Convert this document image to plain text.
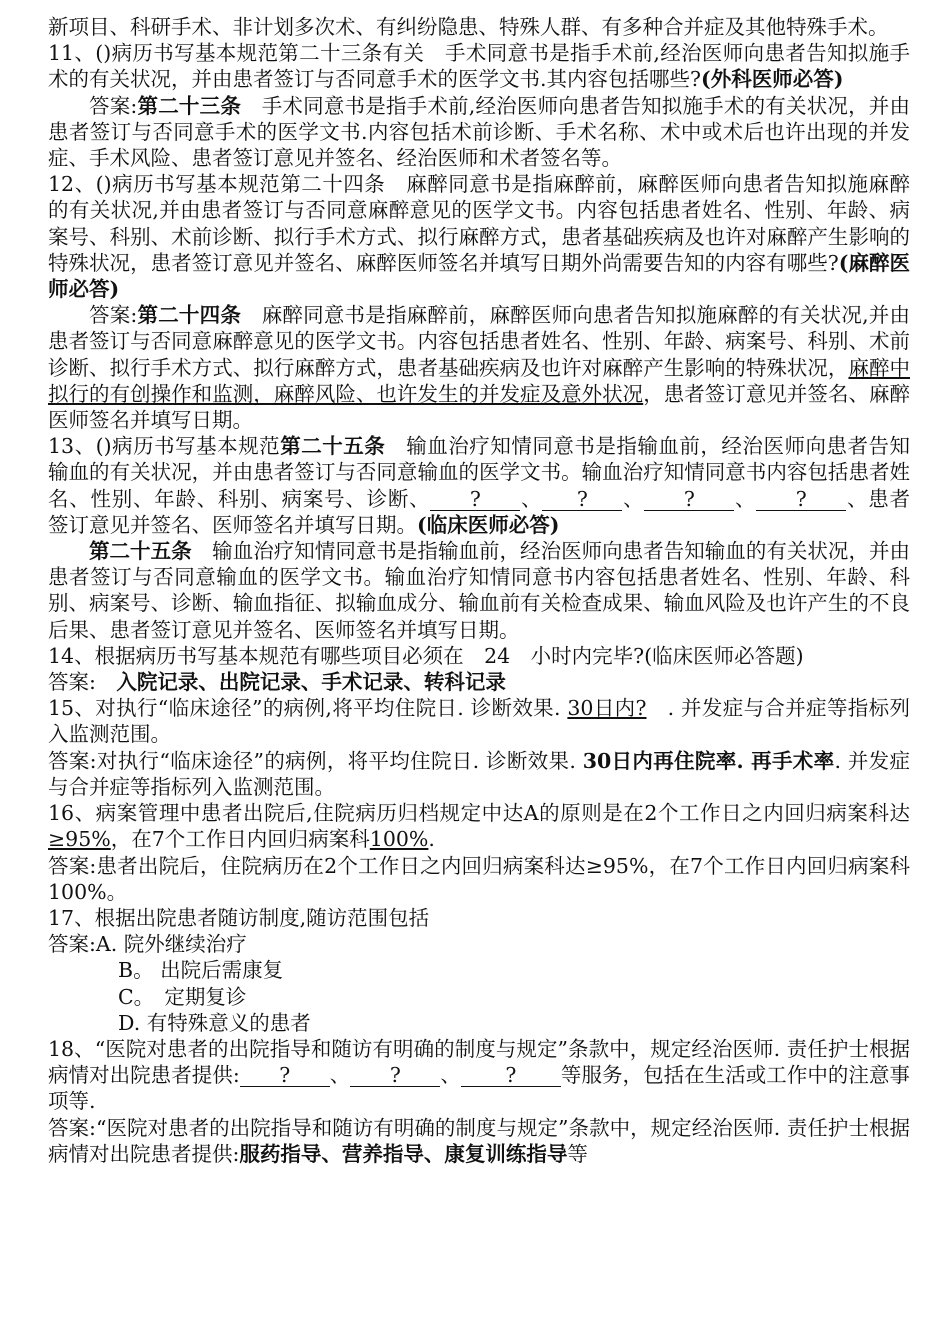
新项目、科研手术、非计划多次术、有纠纷隐患、特殊人群、有多种合并症及其他特殊手术。

11、()病历书写基本规范第二十三条有关　手术同意书是指手术前,经治医师向患者告知拟施手术的有关状况，并由患者签订与否同意手术的医学文书.其内容包括哪些?(外科医师必答)

答案:第二十三条　手术同意书是指手术前,经治医师向患者告知拟施手术的有关状况，并由患者签订与否同意手术的医学文书.内容包括术前诊断、手术名称、术中或术后也许出现的并发症、手术风险、患者签订意见并签名、经治医师和术者签名等。

12、()病历书写基本规范第二十四条　麻醉同意书是指麻醉前，麻醉医师向患者告知拟施麻醉的有关状况,并由患者签订与否同意麻醉意见的医学文书。内容包括患者姓名、性别、年龄、病案号、科别、术前诊断、拟行手术方式、拟行麻醉方式，患者基础疾病及也许对麻醉产生影响的特殊状况，患者签订意见并签名、麻醉医师签名并填写日期外尚需要告知的内容有哪些?(麻醉医师必答)

答案:第二十四条　麻醉同意书是指麻醉前，麻醉医师向患者告知拟施麻醉的有关状况,并由患者签订与否同意麻醉意见的医学文书。内容包括患者姓名、性别、年龄、病案号、科别、术前诊断、拟行手术方式、拟行麻醉方式，患者基础疾病及也许对麻醉产生影响的特殊状况，麻醉中拟行的有创操作和监测，麻醉风险、也许发生的并发症及意外状况，患者签订意见并签名、麻醉医师签名并填写日期。

13、()病历书写基本规范第二十五条　输血治疗知情同意书是指输血前，经治医师向患者告知输血的有关状况，并由患者签订与否同意输血的医学文书。输血治疗知情同意书内容包括患者姓名、性别、年龄、科别、病案号、诊断、 ? 、 ? 、 ? 、 ? 、患者签订意见并签名、医师签名并填写日期。(临床医师必答)

第二十五条　输血治疗知情同意书是指输血前，经治医师向患者告知输血的有关状况，并由患者签订与否同意输血的医学文书。输血治疗知情同意书内容包括患者姓名、性别、年龄、科别、病案号、诊断、输血指征、拟输血成分、输血前有关检查成果、输血风险及也许产生的不良后果、患者签订意见并签名、医师签名并填写日期。

14、根据病历书写基本规范有哪些项目必须在　24　小时内完毕?(临床医师必答题)

答案:　入院记录、出院记录、手术记录、转科记录

15、对执行“临床途径”的病例,将平均住院日. 诊断效果. 30日内?　. 并发症与合并症等指标列入监测范围。

答案:对执行“临床途径”的病例，将平均住院日. 诊断效果. 30日内再住院率. 再手术率. 并发症与合并症等指标列入监测范围。

16、病案管理中患者出院后,住院病历归档规定中达A的原则是在2个工作日之内回归病案科达≥95%，在7个工作日内回归病案科100%.

答案:患者出院后，住院病历在2个工作日之内回归病案科达≥95%，在7个工作日内回归病案科100%。

17、根据出院患者随访制度,随访范围包括

答案:A. 院外继续治疗

B。 出院后需康复

C。　定期复诊

D. 有特殊意义的患者

18、“医院对患者的出院指导和随访有明确的制度与规定”条款中，规定经治医师. 责任护士根据病情对出院患者提供: ? 、 ? 、 ? 等服务，包括在生活或工作中的注意事项等.

答案:“医院对患者的出院指导和随访有明确的制度与规定”条款中，规定经治医师. 责任护士根据病情对出院患者提供:服药指导、营养指导、康复训练指导等
